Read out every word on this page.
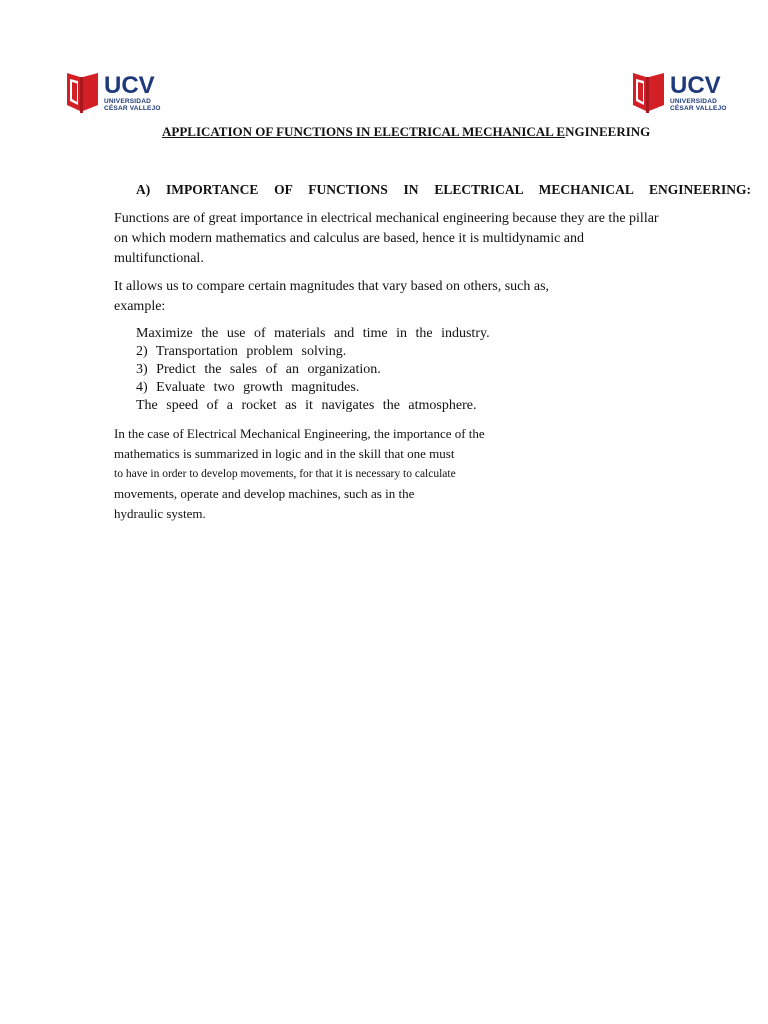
UCV
UNIVERSIDAD
CÉSAR VALLEJO
UCV
UNIVERSIDAD
CÉSAR VALLEJO
APPLICATION OF FUNCTIONS IN ELECTRICAL MECHANICAL ENGINEERING
A) IMPORTANCE OF FUNCTIONS IN ELECTRICAL MECHANICAL ENGINEERING:
Functions are of great importance in electrical mechanical engineering because they are the pillar on which modern mathematics and calculus are based, hence it is multidynamic and multifunctional.
It allows us to compare certain magnitudes that vary based on others, such as,
example:
Maximize the use of materials and time in the industry.
2) Transportation problem solving.
3) Predict the sales of an organization.
4) Evaluate two growth magnitudes.
The speed of a rocket as it navigates the atmosphere.
In the case of Electrical Mechanical Engineering, the importance of the
mathematics is summarized in logic and in the skill that one must
to have in order to develop movements, for that it is necessary to calculate
movements, operate and develop machines, such as in the
hydraulic system.
